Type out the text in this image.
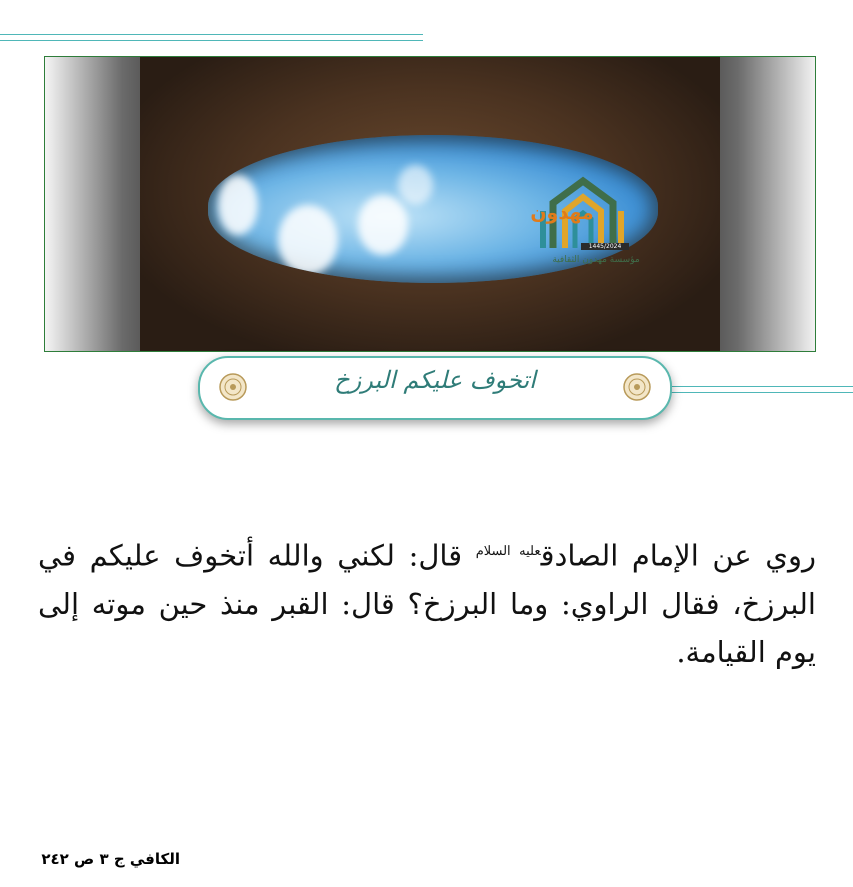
مهدون
1445/2024
مؤسسة مهدون الثقافية
اتخوف عليكم البرزخ
روي عن الإمام الصادق$^{عليه السلام}$ قال: لكني والله أتخوف عليكم في البرزخ، فقال الراوي: وما البرزخ؟ قال: القبر منذ حين موته إلى يوم القيامة.
الكافي ج ٣ ص ٢٤٢
